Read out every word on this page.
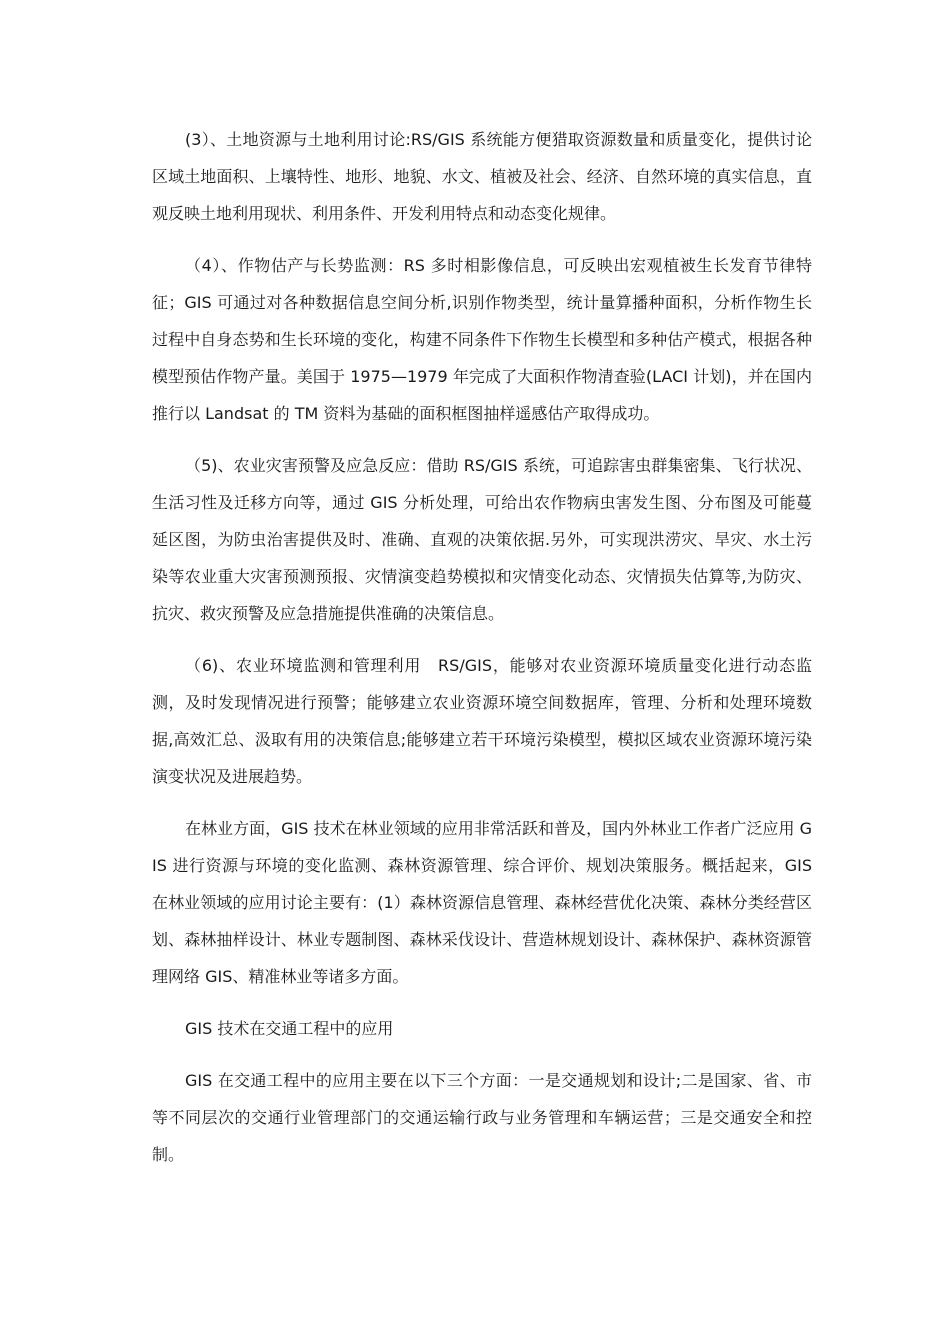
(3）、土地资源与土地利用讨论:RS/GIS 系统能方便猎取资源数量和质量变化，提供讨论区域土地面积、上壤特性、地形、地貌、水文、植被及社会、经济、自然环境的真实信息，直观反映土地利用现状、利用条件、开发利用特点和动态变化规律。

（4）、作物估产与长势监测：RS 多时相影像信息，可反映出宏观植被生长发育节律特征；GIS 可通过对各种数据信息空间分析,识别作物类型，统计量算播种面积，分析作物生长过程中自身态势和生长环境的变化，构建不同条件下作物生长模型和多种估产模式，根据各种模型预估作物产量。美国于 1975—1979 年完成了大面积作物清查验(LACI 计划)，并在国内推行以 Landsat 的 TM 资料为基础的面积框图抽样遥感估产取得成功。

（5)、农业灾害预警及应急反应：借助 RS/GIS 系统，可追踪害虫群集密集、飞行状况、生活习性及迁移方向等，通过 GIS 分析处理，可给出农作物病虫害发生图、分布图及可能蔓延区图，为防虫治害提供及时、准确、直观的决策依据.另外，可实现洪涝灾、旱灾、水土污染等农业重大灾害预测预报、灾情演变趋势模拟和灾情变化动态、灾情损失估算等,为防灾、抗灾、救灾预警及应急措施提供准确的决策信息。

（6)、农业环境监测和管理利用　RS/GIS，能够对农业资源环境质量变化进行动态监测，及时发现情况进行预警；能够建立农业资源环境空间数据库，管理、分析和处理环境数据,高效汇总、汲取有用的决策信息;能够建立若干环境污染模型，模拟区域农业资源环境污染演变状况及进展趋势。

在林业方面，GIS 技术在林业领域的应用非常活跃和普及，国内外林业工作者广泛应用 GIS 进行资源与环境的变化监测、森林资源管理、综合评价、规划决策服务。概括起来，GIS 在林业领域的应用讨论主要有：(1）森林资源信息管理、森林经营优化决策、森林分类经营区划、森林抽样设计、林业专题制图、森林采伐设计、营造林规划设计、森林保护、森林资源管理网络 GIS、精准林业等诸多方面。

GIS 技术在交通工程中的应用

GIS 在交通工程中的应用主要在以下三个方面：一是交通规划和设计;二是国家、省、市等不同层次的交通行业管理部门的交通运输行政与业务管理和车辆运营；三是交通安全和控制。
